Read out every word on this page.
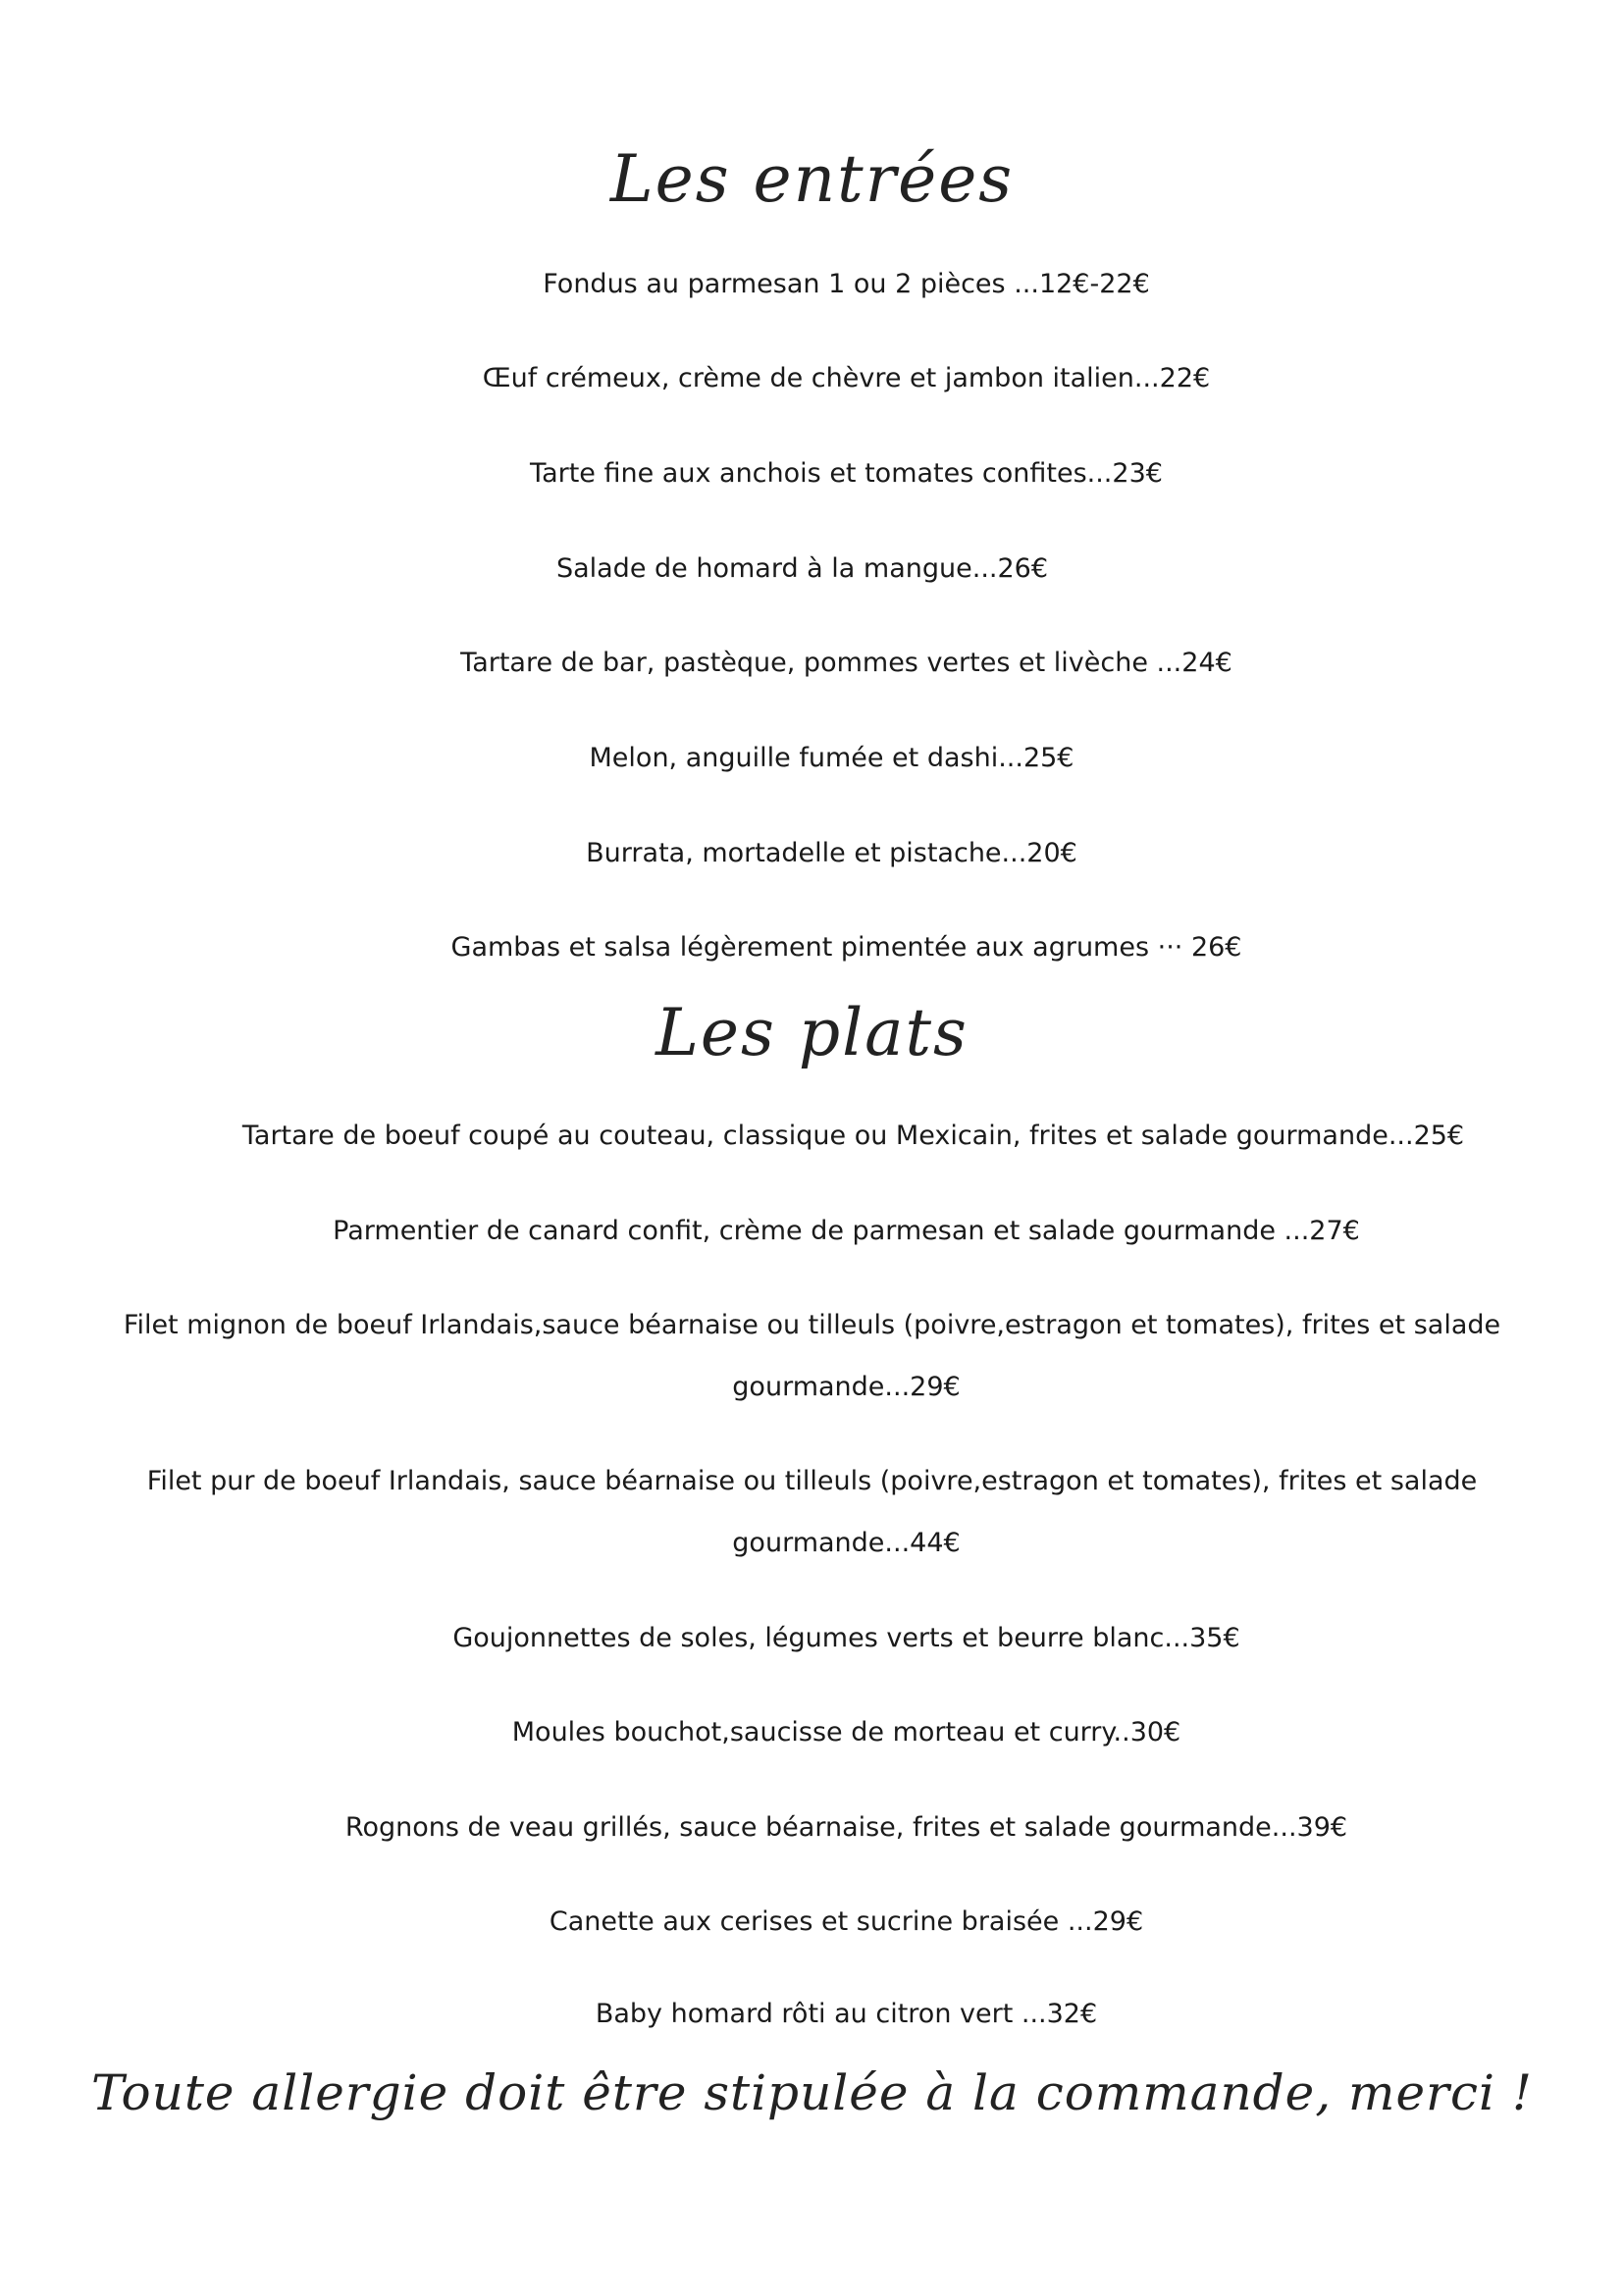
Les entrées
Fondus au parmesan 1 ou 2 pièces ...12€-22€
Œuf crémeux, crème de chèvre et jambon italien...22€
Tarte fine aux anchois et tomates confites...23€
Salade de homard à la mangue...26€
Tartare de bar, pastèque, pommes vertes et livèche ...24€
Melon, anguille fumée et dashi...25€
Burrata, mortadelle et pistache...20€
Gambas et salsa légèrement pimentée aux agrumes ··· 26€
Les plats
Tartare de boeuf coupé au couteau, classique ou Mexicain, frites et salade gourmande...25€
Parmentier de canard confit, crème de parmesan et salade gourmande ...27€
Filet mignon de boeuf Irlandais,sauce béarnaise ou tilleuls (poivre,estragon et tomates), frites et salade
gourmande...29€
Filet pur de boeuf Irlandais, sauce béarnaise ou tilleuls (poivre,estragon et tomates), frites et salade
gourmande...44€
Goujonnettes de soles, légumes verts et beurre blanc...35€
Moules bouchot,saucisse de morteau et curry..30€
Rognons de veau grillés, sauce béarnaise, frites et salade gourmande...39€
Canette aux cerises et sucrine braisée ...29€
Baby homard rôti au citron vert ...32€
Toute allergie doit être stipulée à la commande, merci !
